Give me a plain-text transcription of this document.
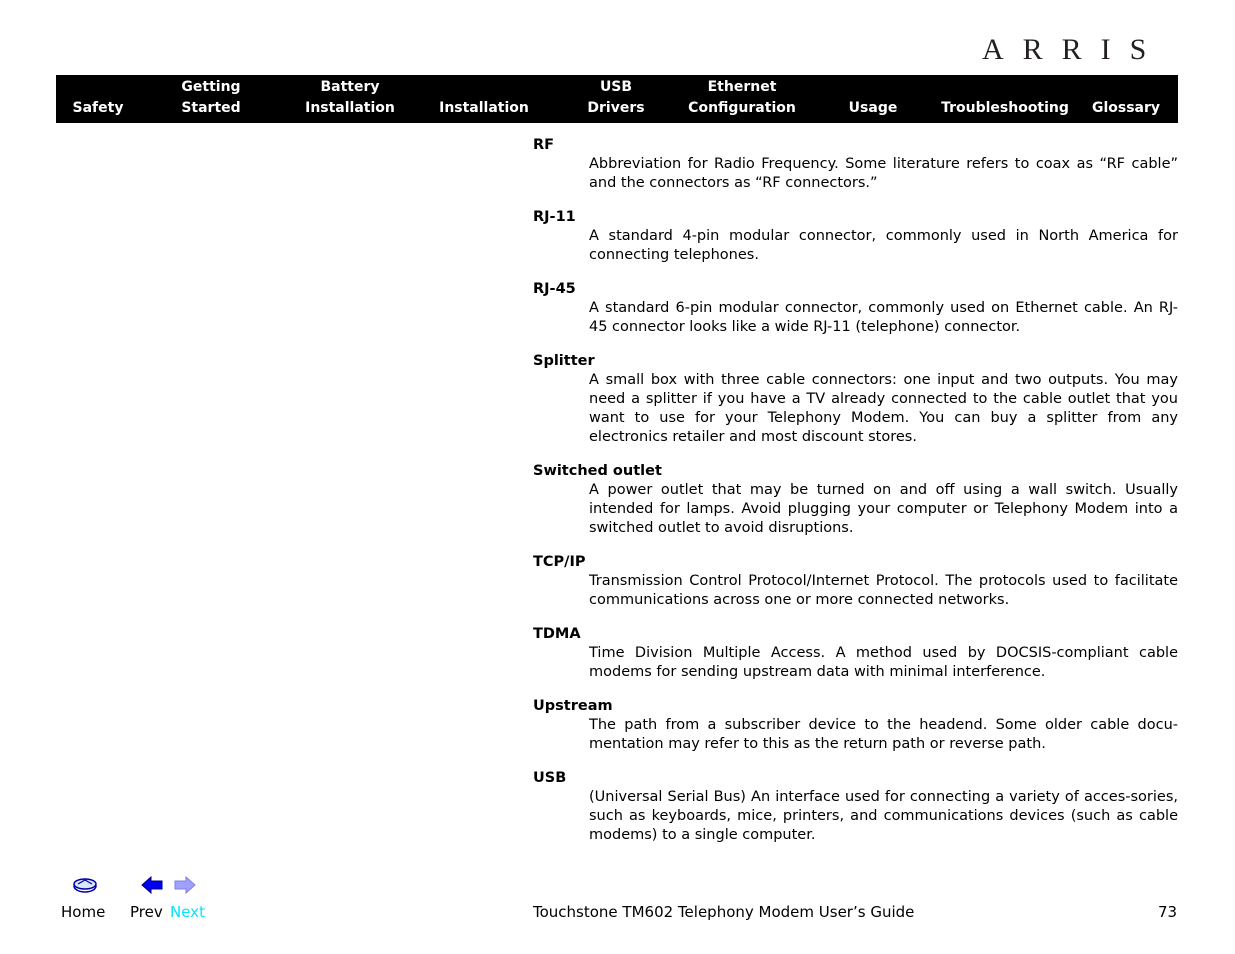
ARRIS
Safety
Getting
Started
Battery
Installation	Installation
USB
Drivers
Ethernet
Configuration	Usage	Troubleshooting Glossary
RF
Abbreviation for Radio Frequency. Some literature refers to coax as “RF cable” and the connectors as “RF connectors.”
RJ-11
A standard 4-pin modular connector, commonly used in North America for connecting telephones.
RJ-45
A standard 6-pin modular connector, commonly used on Ethernet cable. An RJ-45 connector looks like a wide RJ-11 (telephone) connector.
Splitter
A small box with three cable connectors: one input and two outputs. You may need a splitter if you have a TV already connected to the cable outlet that you want to use for your Telephony Modem. You can buy a splitter from any electronics retailer and most discount stores.
Switched outlet
A power outlet that may be turned on and off using a wall switch. Usually intended for lamps. Avoid plugging your computer or Telephony Modem into a switched outlet to avoid disruptions.
TCP/IP
Transmission Control Protocol/Internet Protocol. The protocols used to facilitate communications across one or more connected networks.
TDMA
Time Division Multiple Access. A method used by DOCSIS-compliant cable modems for sending upstream data with minimal interference.
Upstream
The path from a subscriber device to the headend. Some older cable docu-mentation may refer to this as the return path or reverse path.
USB
(Universal Serial Bus) An interface used for connecting a variety of acces-sories, such as keyboards, mice, printers, and communications devices (such as cable modems) to a single computer.
Home Prev Next	Touchstone TM602 Telephony Modem User’s Guide	73
